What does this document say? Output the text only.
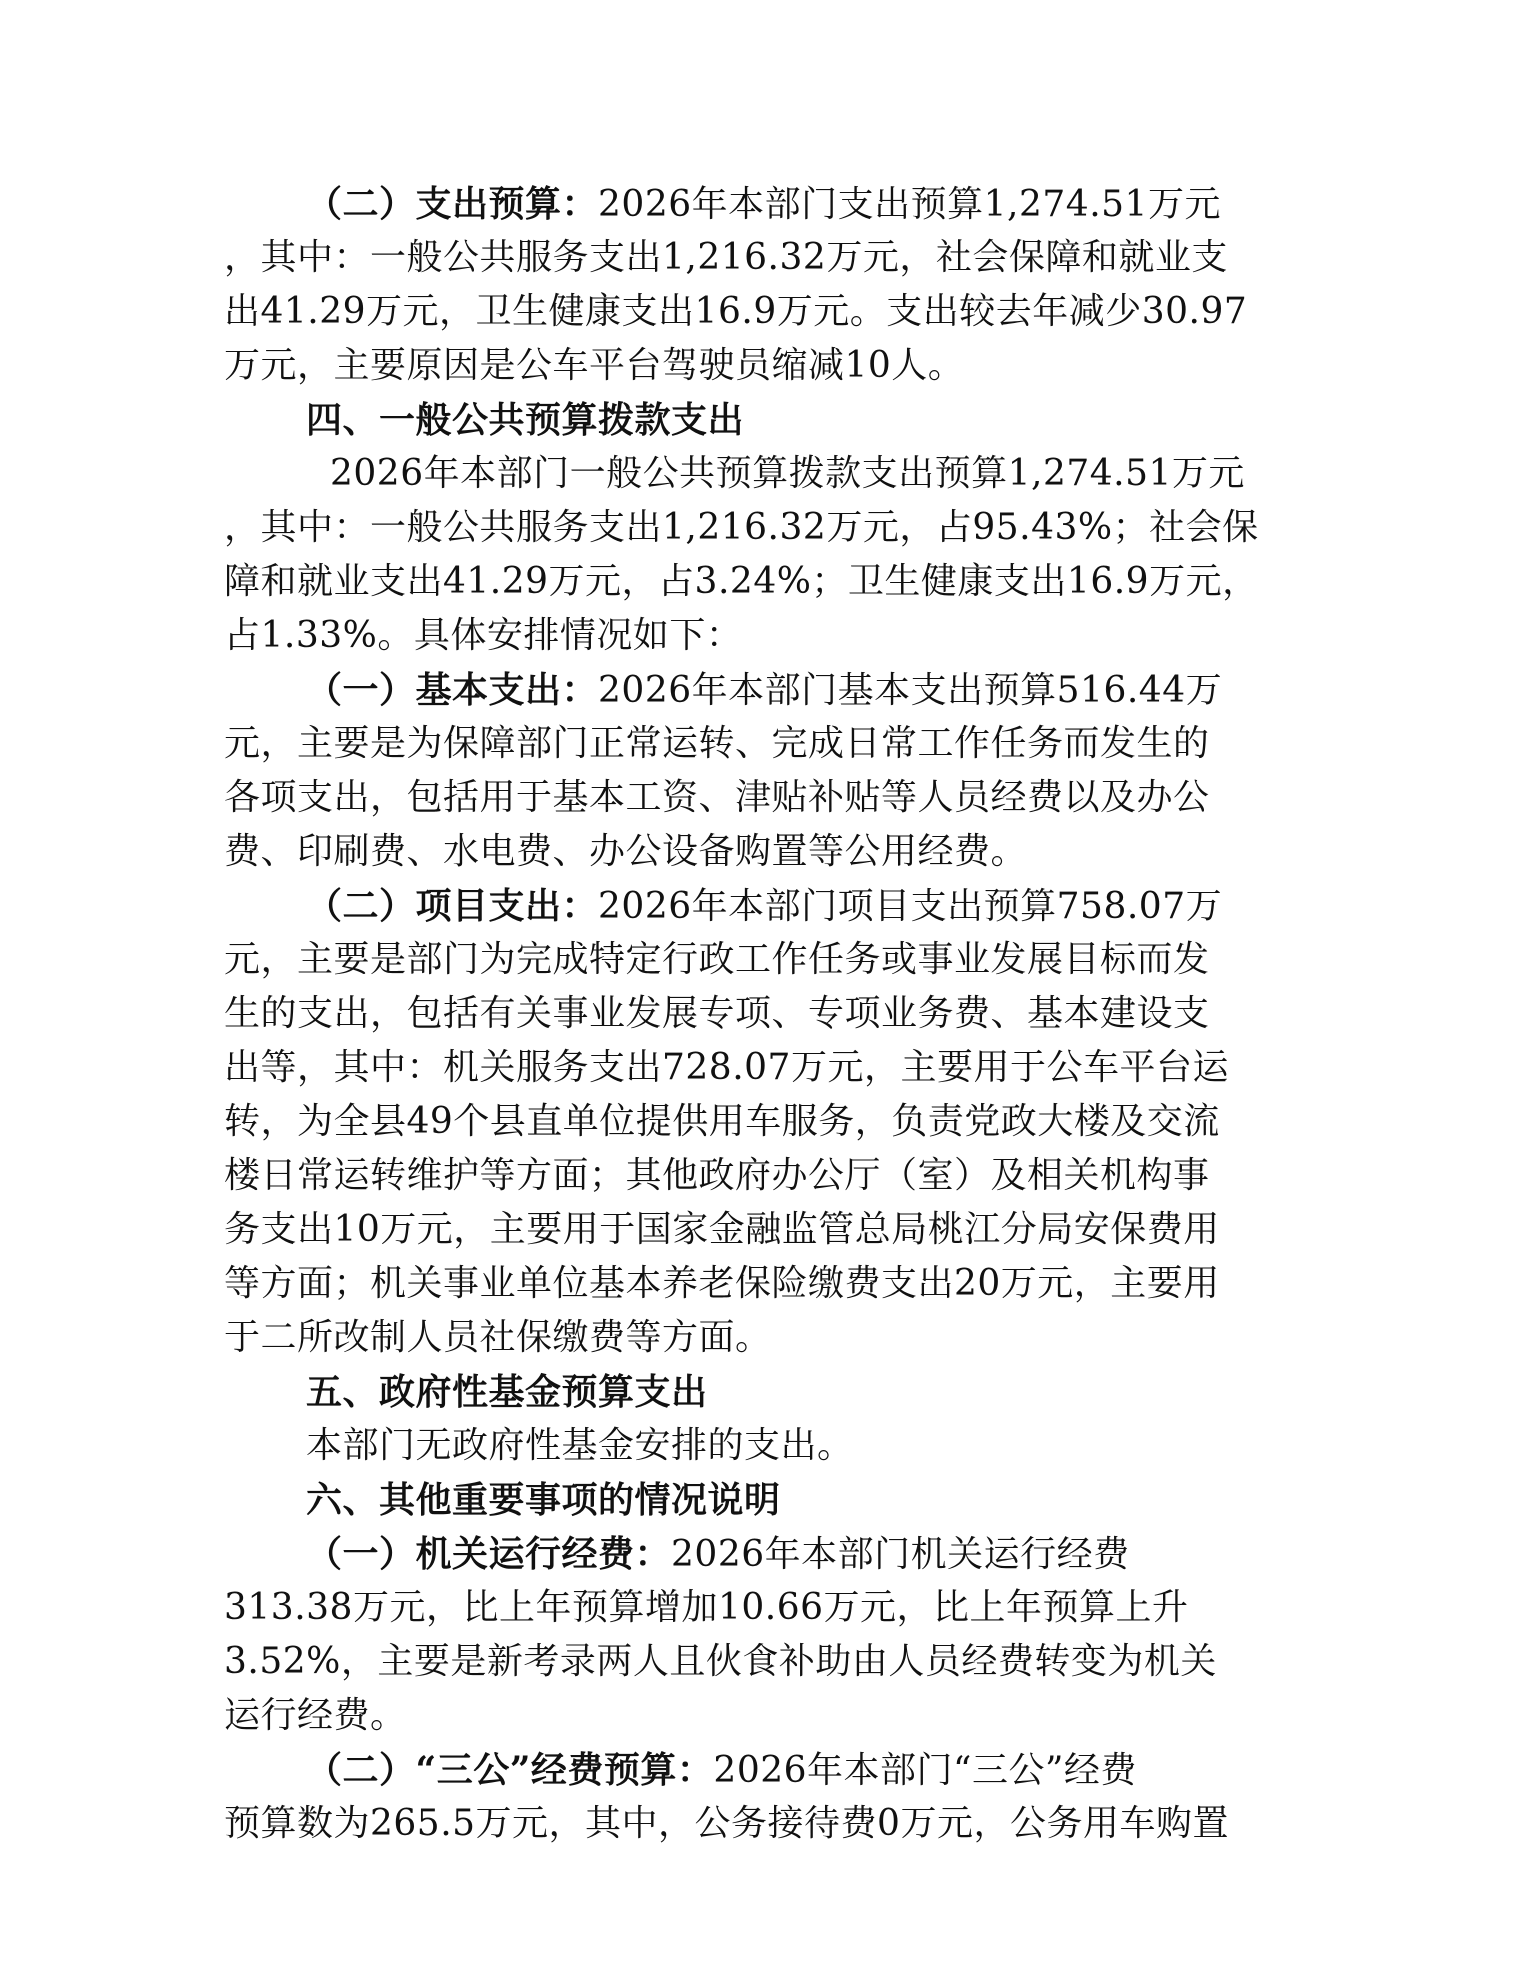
（二）支出预算：2026年本部门支出预算1,274.51万元

，其中：一般公共服务支出1,216.32万元，社会保障和就业支

出41.29万元，卫生健康支出16.9万元。支出较去年减少30.97

万元，主要原因是公车平台驾驶员缩减10人。

四、一般公共预算拨款支出

2026年本部门一般公共预算拨款支出预算1,274.51万元

，其中：一般公共服务支出1,216.32万元，占95.43%；社会保

障和就业支出41.29万元，占3.24%；卫生健康支出16.9万元，

占1.33%。具体安排情况如下：

（一）基本支出：2026年本部门基本支出预算516.44万

元，主要是为保障部门正常运转、完成日常工作任务而发生的

各项支出，包括用于基本工资、津贴补贴等人员经费以及办公

费、印刷费、水电费、办公设备购置等公用经费。

（二）项目支出：2026年本部门项目支出预算758.07万

元，主要是部门为完成特定行政工作任务或事业发展目标而发

生的支出，包括有关事业发展专项、专项业务费、基本建设支

出等，其中：机关服务支出728.07万元，主要用于公车平台运

转，为全县49个县直单位提供用车服务，负责党政大楼及交流

楼日常运转维护等方面；其他政府办公厅（室）及相关机构事

务支出10万元，主要用于国家金融监管总局桃江分局安保费用

等方面；机关事业单位基本养老保险缴费支出20万元，主要用

于二所改制人员社保缴费等方面。

五、政府性基金预算支出

本部门无政府性基金安排的支出。

六、其他重要事项的情况说明

（一）机关运行经费：2026年本部门机关运行经费

313.38万元，比上年预算增加10.66万元，比上年预算上升

3.52%，主要是新考录两人且伙食补助由人员经费转变为机关

运行经费。

（二）“三公”经费预算：2026年本部门“三公”经费

预算数为265.5万元，其中，公务接待费0万元，公务用车购置
